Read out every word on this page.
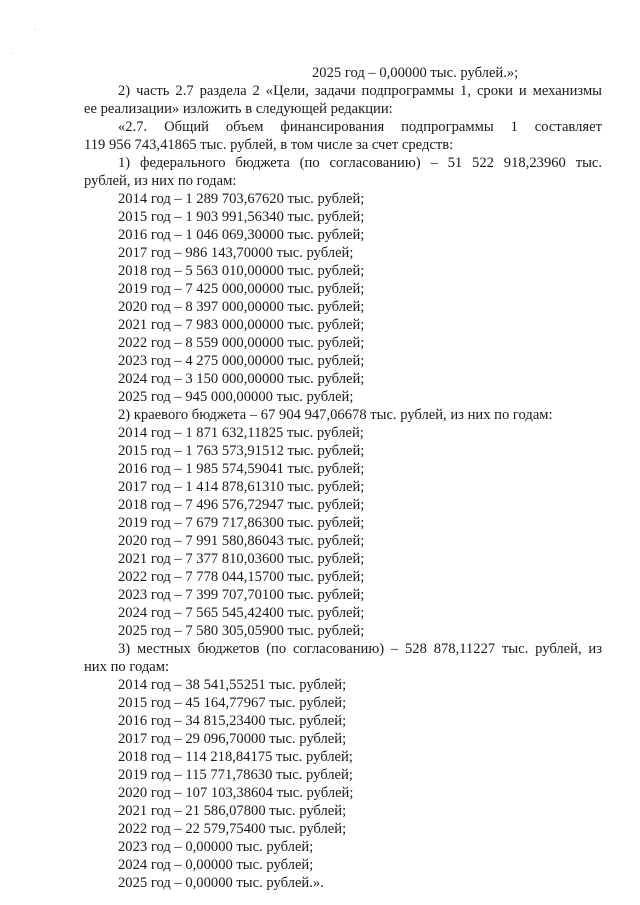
`
.
2025 год – 0,00000 тыс. рублей.»;
2) часть 2.7 раздела 2 «Цели, задачи подпрограммы 1, сроки и механизмы
ее реализации» изложить в следующей редакции:
«2.7. Общий объем финансирования подпрограммы 1 составляет
119 956 743,41865 тыс. рублей, в том числе за счет средств:
1) федерального бюджета (по согласованию) – 51 522 918,23960 тыс.
рублей, из них по годам:
2014 год – 1 289 703,67620 тыс. рублей;
2015 год – 1 903 991,56340 тыс. рублей;
2016 год – 1 046 069,30000 тыс. рублей;
2017 год – 986 143,70000 тыс. рублей;
2018 год – 5 563 010,00000 тыс. рублей;
2019 год – 7 425 000,00000 тыс. рублей;
2020 год – 8 397 000,00000 тыс. рублей;
2021 год – 7 983 000,00000 тыс. рублей;
2022 год – 8 559 000,00000 тыс. рублей;
2023 год – 4 275 000,00000 тыс. рублей;
2024 год – 3 150 000,00000 тыс. рублей;
2025 год – 945 000,00000 тыс. рублей;
2) краевого бюджета – 67 904 947,06678 тыс. рублей, из них по годам:
2014 год – 1 871 632,11825 тыс. рублей;
2015 год – 1 763 573,91512 тыс. рублей;
2016 год – 1 985 574,59041 тыс. рублей;
2017 год – 1 414 878,61310 тыс. рублей;
2018 год – 7 496 576,72947 тыс. рублей;
2019 год – 7 679 717,86300 тыс. рублей;
2020 год – 7 991 580,86043 тыс. рублей;
2021 год – 7 377 810,03600 тыс. рублей;
2022 год – 7 778 044,15700 тыс. рублей;
2023 год – 7 399 707,70100 тыс. рублей;
2024 год – 7 565 545,42400 тыс. рублей;
2025 год – 7 580 305,05900 тыс. рублей;
3) местных бюджетов (по согласованию) – 528 878,11227 тыс. рублей, из
них по годам:
2014 год – 38 541,55251 тыс. рублей;
2015 год – 45 164,77967 тыс. рублей;
2016 год – 34 815,23400 тыс. рублей;
2017 год – 29 096,70000 тыс. рублей;
2018 год – 114 218,84175 тыс. рублей;
2019 год – 115 771,78630 тыс. рублей;
2020 год – 107 103,38604 тыс. рублей;
2021 год – 21 586,07800 тыс. рублей;
2022 год – 22 579,75400 тыс. рублей;
2023 год – 0,00000 тыс. рублей;
2024 год – 0,00000 тыс. рублей;
2025 год – 0,00000 тыс. рублей.».
